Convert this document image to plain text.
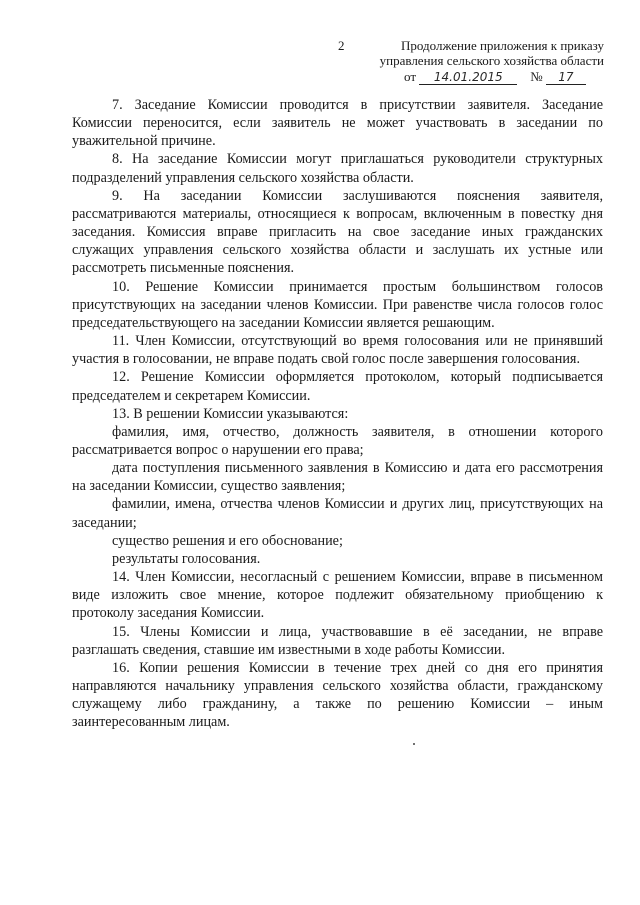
2	Продолжение приложения к приказу
управления сельского хозяйства области
от 14.01.2015 № 17

7. Заседание Комиссии проводится в присутствии заявителя. Заседание Комиссии переносится, если заявитель не может участвовать в заседании по уважительной причине.

8. На заседание Комиссии могут приглашаться руководители структурных подразделений управления сельского хозяйства области.

9. На заседании Комиссии заслушиваются пояснения заявителя, рассматриваются материалы, относящиеся к вопросам, включенным в повестку дня заседания. Комиссия вправе пригласить на свое заседание иных гражданских служащих управления сельского хозяйства области и заслушать их устные или рассмотреть письменные пояснения.

10. Решение Комиссии принимается простым большинством голосов присутствующих на заседании членов Комиссии. При равенстве числа голосов голос председательствующего на заседании Комиссии является решающим.

11. Член Комиссии, отсутствующий во время голосования или не принявший участия в голосовании, не вправе подать свой голос после завершения голосования.

12. Решение Комиссии оформляется протоколом, который подписывается председателем и секретарем Комиссии.

13. В решении Комиссии указываются:

фамилия, имя, отчество, должность заявителя, в отношении которого рассматривается вопрос о нарушении его права;

дата поступления письменного заявления в Комиссию и дата его рассмотрения на заседании Комиссии, существо заявления;

фамилии, имена, отчества членов Комиссии и других лиц, присутствующих на заседании;

существо решения и его обоснование;

результаты голосования.

14. Член Комиссии, несогласный с решением Комиссии, вправе в письменном виде изложить свое мнение, которое подлежит обязательному приобщению к протоколу заседания Комиссии.

15. Члены Комиссии и лица, участвовавшие в её заседании, не вправе разглашать сведения, ставшие им известными в ходе работы Комиссии.

16. Копии решения Комиссии в течение трех дней со дня его принятия направляются начальнику управления сельского хозяйства области, гражданскому служащему либо гражданину, а также по решению Комиссии – иным заинтересованным лицам.
